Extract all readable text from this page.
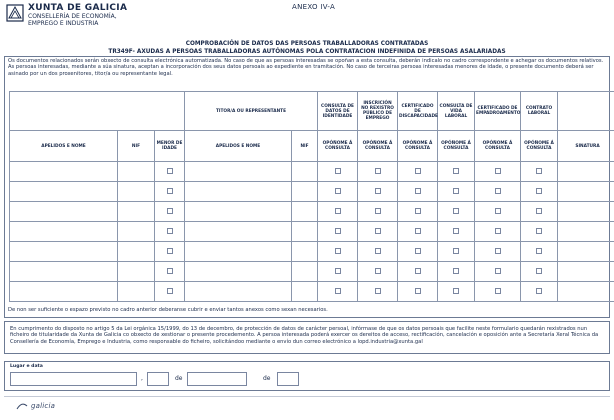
XUNTA DE GALICIA
CONSELLERÍA DE ECONOMÍA,
EMPREGO E INDUSTRIA
ANEXO IV-A
COMPROBACIÓN DE DATOS DAS PERSOAS TRABALLADORAS CONTRATADAS
TR349F- AXUDAS A PERSOAS TRABALLADORAS AUTÓNOMAS POLA CONTRATACION INDEFINIDA DE PERSOAS ASALARIADAS
Os documentos relacionados serán obxecto de consulta electrónica automatizada. No caso de que as persoas interesadas se opoñan a esta consulta, deberán indicalo no cadro correspondente e achegar os documentos relativos.
As persoas interesadas, mediante a súa sinatura, aceptan a incorporación dos seus datos persoais ao expediente en tramitación. No caso de terceiras persoas interesadas menores de idade, o presente documento deberá ser asinado por un dos proxenitores, titor/a ou representante legal.
			TITOR/A OU REPRESENTANTE		CONSULTA DE DATOS DE IDENTIDADE	INSCRICIÓN NO REXISTRO PÚBLICO DE EMPREGO	CERTIFICADO DE DISCAPACIDADE	CONSULTA DE VIDA LABORAL	CERTIFICADO DE EMPADROAMENTO	CONTRATO LABORAL	
APELIDOS E NOME	NIF	MENOR DE IDADE	APELIDOS E NOME	NIF	OPÓÑOME Á CONSULTA	OPÓÑOME Á CONSULTA	OPÓÑOME Á CONSULTA	OPÓÑOME Á CONSULTA	OPÓÑOME Á CONSULTA	OPÓÑOME Á CONSULTA	SINATURA

De non ser suficiente o espazo previsto no cadro anterior deberanse cubrir e enviar tantos anexos como sexan necesarios.
En cumprimento do disposto no artigo 5 da Lei orgánica 15/1999, do 13 de decembro, de protección de datos de carácter persoal, infórmase de que os datos persoais que facilite neste formulario quedarán rexistrados nun ficheiro de titularidade da Xunta de Galicia co obxecto de xestionar o presente procedemento. A persoa interesada poderá exercer os dereitos de acceso, rectificación, cancelación e oposición ante a Secretaría Xeral Técnica da Consellería de Economía, Emprego e Industria, como responsable do ficheiro, solicitándoo mediante o envío dun correo electrónico a lopd.industria@xunta.gal
Lugar e data
,	de	de
galicia
